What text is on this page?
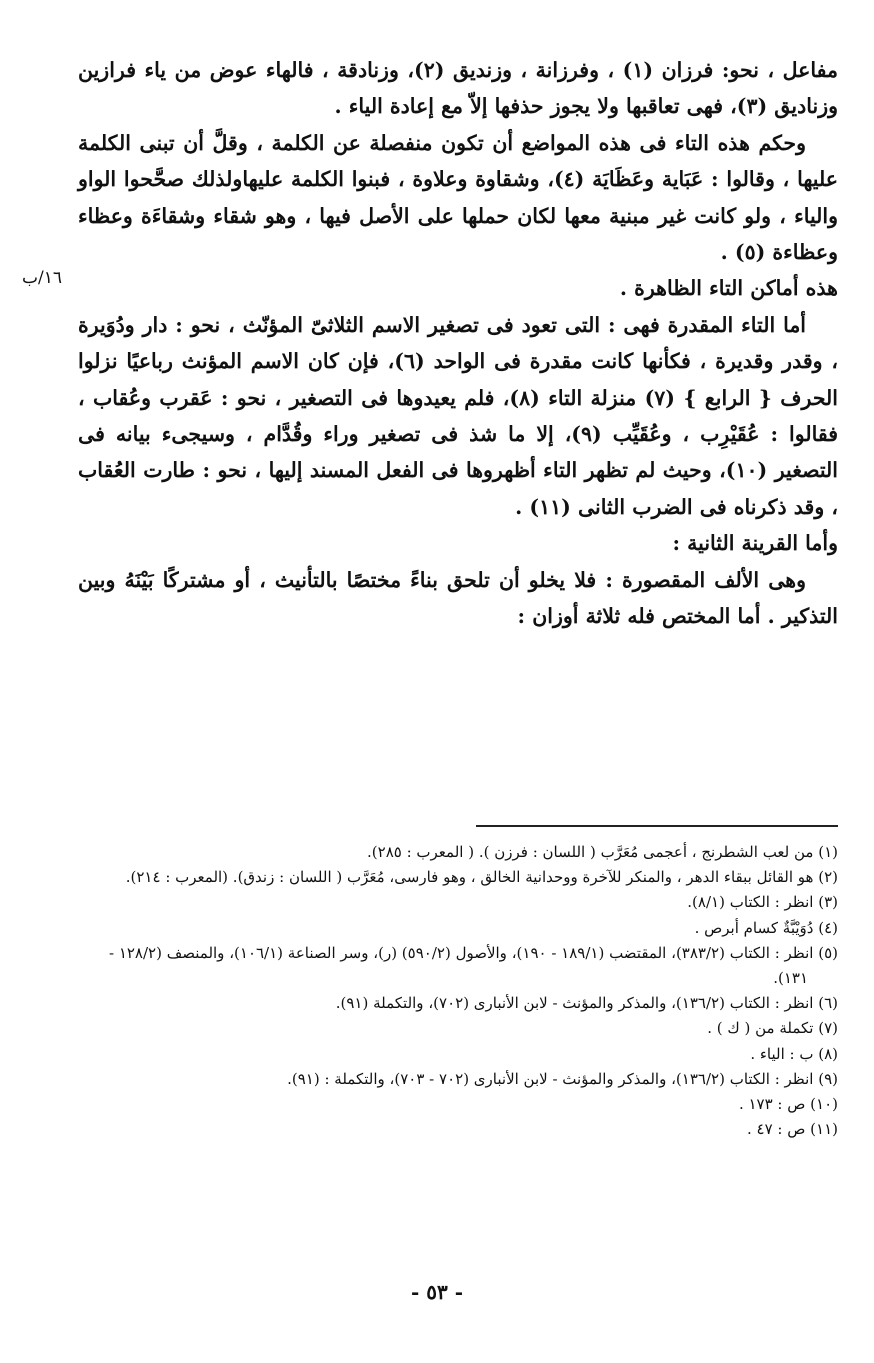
مفاعل ، نحو: فرزان (١) ، وفرزانة ، وزنديق (٢)، وزنادقة ، فالهاء عوض من ياء فرازين وزناديق (٣)، فهى تعاقبها ولا يجوز حذفها إلاّ مع إعادة الياء .

وحكم هذه التاء فى هذه المواضع أن تكون منفصلة عن الكلمة ، وقلَّ أن تبنى الكلمة عليها ، وقالوا : عَبَاية وعَظَايَة (٤)، وشقاوة وعلاوة ، فبنوا الكلمة عليهاولذلك صحَّحوا الواو والياء ، ولو كانت غير مبنية معها لكان حملها على الأصل فيها ، وهو شقاء وشقاءَة وعظاء وعظاءة (٥) .

هذه أماكن التاء الظاهرة .

أما التاء المقدرة فهى : التى تعود فى تصغير الاسم الثلاثىّ المؤنّث ، نحو : دار ودُوَيرة ، وقدر وقديرة ، فكأنها كانت مقدرة فى الواحد (٦)، فإن كان الاسم المؤنث رباعيًا نزلوا الحرف { الرابع } (٧) منزلة التاء (٨)، فلم يعيدوها فى التصغير ، نحو : عَقرب وعُقاب ، فقالوا : عُقَيْرِب ، وعُقَيِّب (٩)، إلا ما شذ فى تصغير وراء وقُدَّام ، وسيجىء بيانه فى التصغير (١٠)، وحيث لم تظهر التاء أظهروها فى الفعل المسند إليها ، نحو : طارت العُقاب ، وقد ذكرناه فى الضرب الثانى (١١) .

وأما القرينة الثانية :

وهى الألف المقصورة : فلا يخلو أن تلحق بناءً مختصًا بالتأنيث ، أو مشتركًا بَيْنَهُ وبين التذكير . أما المختص فله ثلاثة أوزان :

١٦/ب

(١) من لعب الشطرنج ، أعجمى مُعَرَّب ( اللسان : فرزن ). ( المعرب : ٢٨٥).

(٢) هو القائل ببقاء الدهر ، والمنكر للآخرة ووحدانية الخالق ، وهو فارسى، مُعَرَّب ( اللسان : زندق). (المعرب : ٢١٤).

(٣) انظر : الكتاب (٨/١).

(٤) دُوَيْبَّةٌ كسام أبرص .

(٥) انظر : الكتاب (٣٨٣/٢)، المقتضب (١٨٩/١ - ١٩٠)، والأصول (٥٩٠/٢) (ر)، وسر الصناعة (١٠٦/١)، والمنصف (١٢٨/٢ - ١٣١).

(٦) انظر : الكتاب (١٣٦/٢)، والمذكر والمؤنث - لابن الأنبارى (٧٠٢)، والتكملة (٩١).

(٧) تكملة من ( ك ) .

(٨) ب : الياء .

(٩) انظر : الكتاب (١٣٦/٢)، والمذكر والمؤنث - لابن الأنبارى (٧٠٢ - ٧٠٣)، والتكملة : (٩١).

(١٠) ص : ١٧٣ .

(١١) ص : ٤٧ .

- ٥٣ -
